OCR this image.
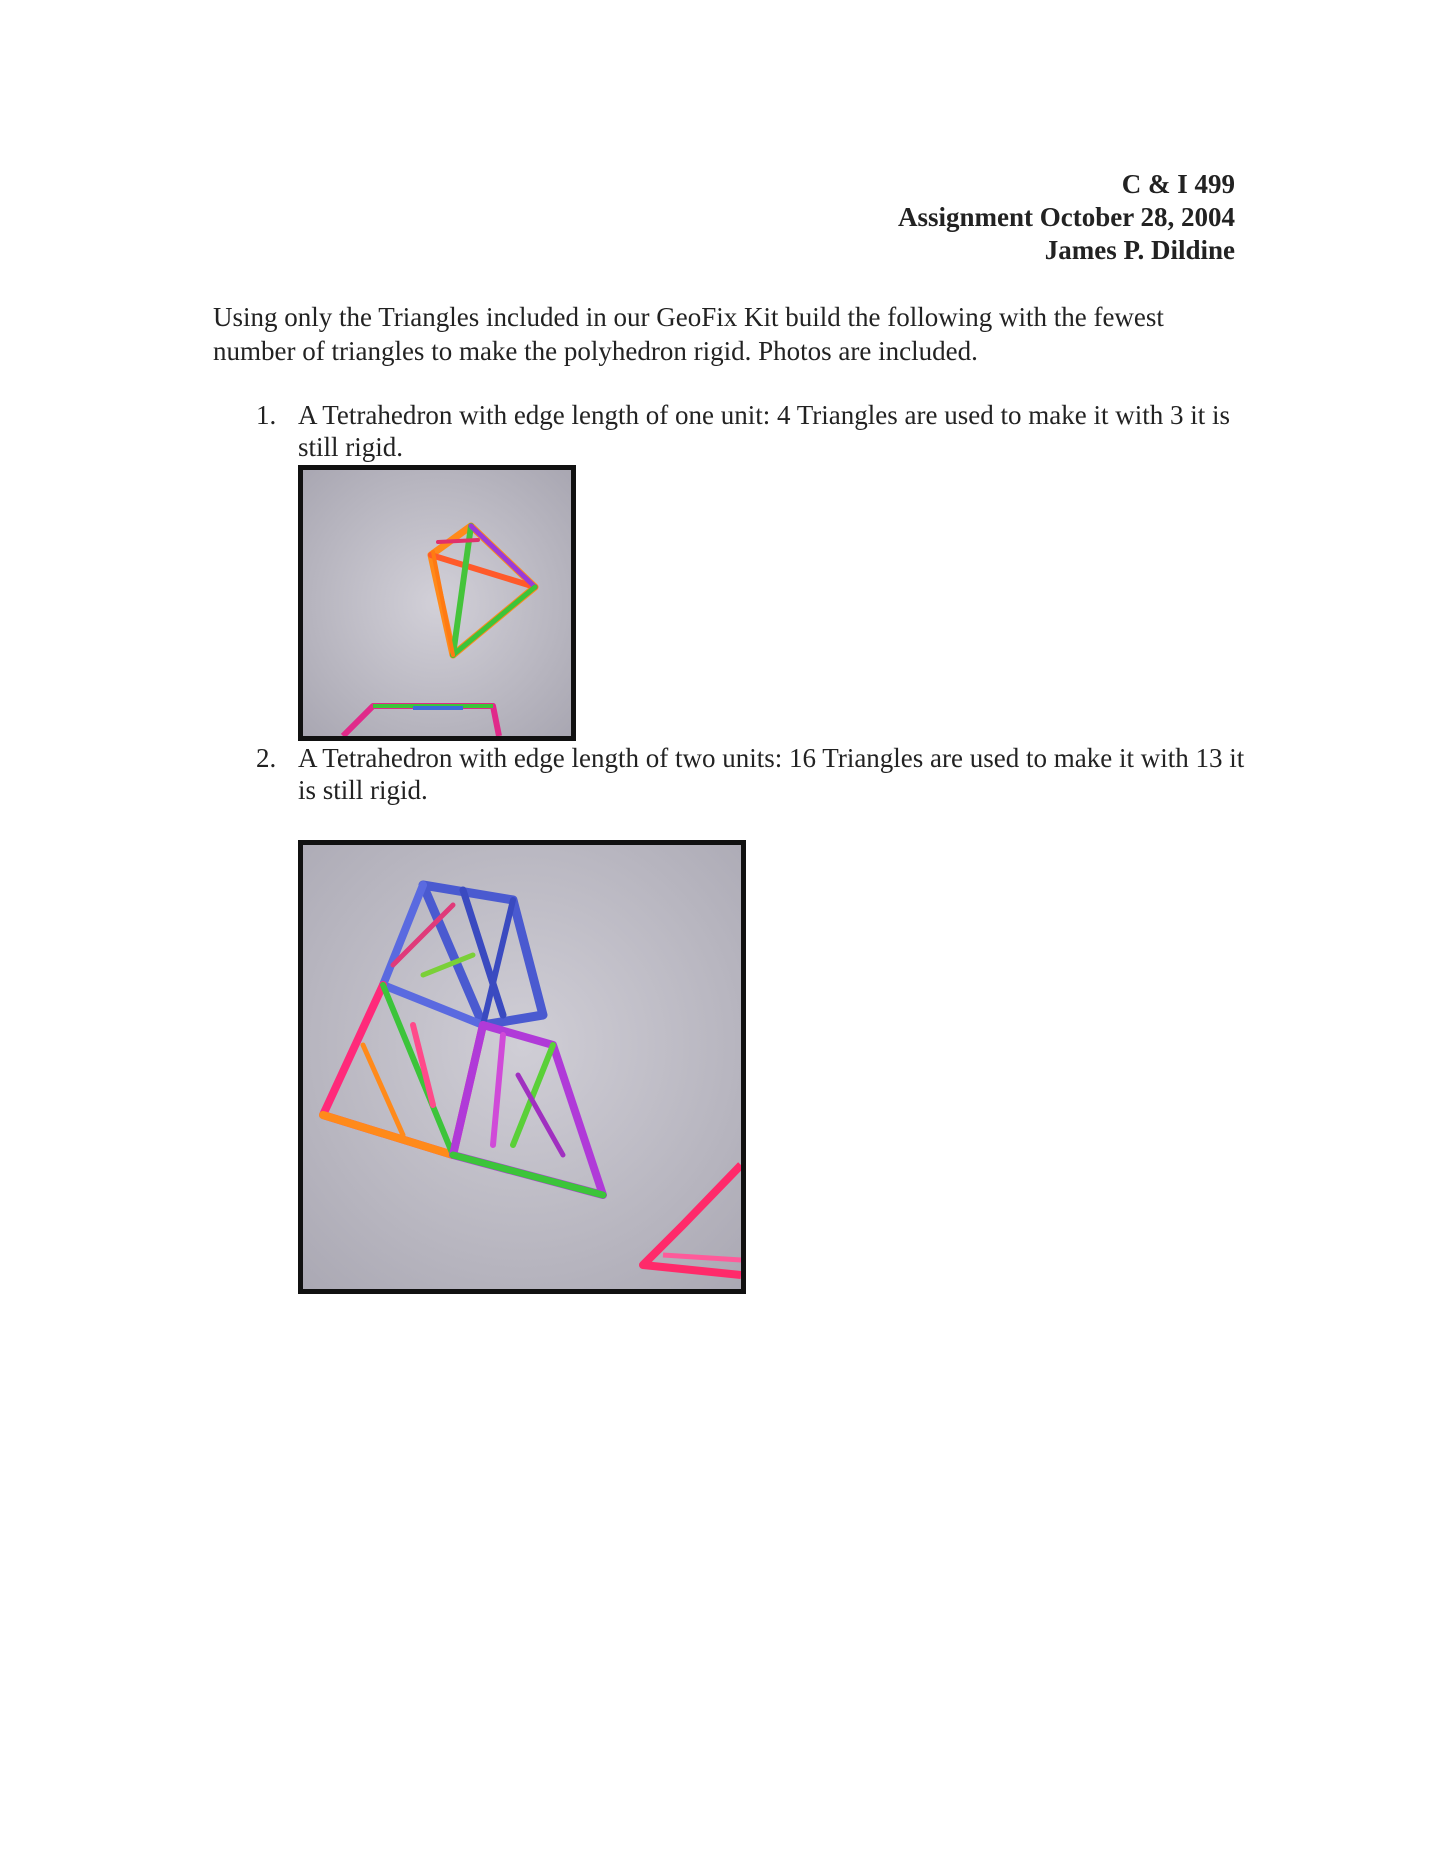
C & I 499
Assignment October 28, 2004
James P. Dildine

Using only the Triangles included in our GeoFix Kit build the following with the fewest number of triangles to make the polyhedron rigid. Photos are included.

1. A Tetrahedron with edge length of one unit: 4 Triangles are used to make it with 3 it is still rigid.
2. A Tetrahedron with edge length of two units: 16 Triangles are used to make it with 13 it is still rigid.
